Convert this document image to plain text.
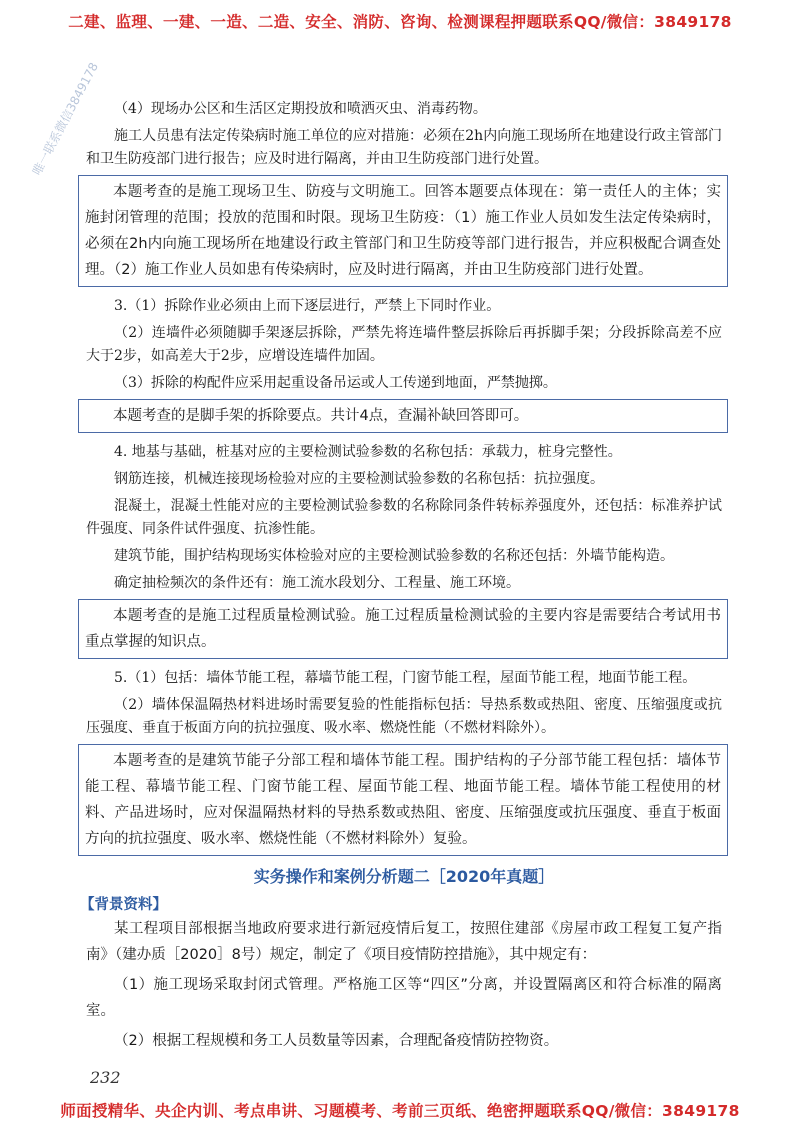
二建、监理、一建、一造、二造、安全、消防、咨询、检测课程押题联系QQ/微信：3849178
唯一联系微信3849178 （4）现场办公区和生活区定期投放和喷洒灭虫、消毒药物。

施工人员患有法定传染病时施工单位的应对措施：必须在2h内向施工现场所在地建设行政主管部门和卫生防疫部门进行报告；应及时进行隔离，并由卫生防疫部门进行处置。

本题考查的是施工现场卫生、防疫与文明施工。回答本题要点体现在：第一责任人的主体；实施封闭管理的范围；投放的范围和时限。现场卫生防疫：（1）施工作业人员如发生法定传染病时，必须在2h内向施工现场所在地建设行政主管部门和卫生防疫等部门进行报告，并应积极配合调查处理。（2）施工作业人员如患有传染病时，应及时进行隔离，并由卫生防疫部门进行处置。

3.（1）拆除作业必须由上而下逐层进行，严禁上下同时作业。

（2）连墙件必须随脚手架逐层拆除，严禁先将连墙件整层拆除后再拆脚手架；分段拆除高差不应大于2步，如高差大于2步，应增设连墙件加固。

（3）拆除的构配件应采用起重设备吊运或人工传递到地面，严禁抛掷。

本题考查的是脚手架的拆除要点。共计4点，查漏补缺回答即可。

4. 地基与基础，桩基对应的主要检测试验参数的名称包括：承载力，桩身完整性。

钢筋连接，机械连接现场检验对应的主要检测试验参数的名称包括：抗拉强度。

混凝土，混凝土性能对应的主要检测试验参数的名称除同条件转标养强度外，还包括：标准养护试件强度、同条件试件强度、抗渗性能。

建筑节能，围护结构现场实体检验对应的主要检测试验参数的名称还包括：外墙节能构造。

确定抽检频次的条件还有：施工流水段划分、工程量、施工环境。

本题考查的是施工过程质量检测试验。施工过程质量检测试验的主要内容是需要结合考试用书重点掌握的知识点。

5.（1）包括：墙体节能工程，幕墙节能工程，门窗节能工程，屋面节能工程，地面节能工程。

（2）墙体保温隔热材料进场时需要复验的性能指标包括：导热系数或热阻、密度、压缩强度或抗压强度、垂直于板面方向的抗拉强度、吸水率、燃烧性能（不燃材料除外）。

本题考查的是建筑节能子分部工程和墙体节能工程。围护结构的子分部节能工程包括：墙体节能工程、幕墙节能工程、门窗节能工程、屋面节能工程、地面节能工程。墙体节能工程使用的材料、产品进场时，应对保温隔热材料的导热系数或热阻、密度、压缩强度或抗压强度、垂直于板面方向的抗拉强度、吸水率、燃烧性能（不燃材料除外）复验。

实务操作和案例分析题二［2020年真题］
【背景资料】

某工程项目部根据当地政府要求进行新冠疫情后复工，按照住建部《房屋市政工程复工复产指南》（建办质［2020］8号）规定，制定了《项目疫情防控措施》，其中规定有：

（1）施工现场采取封闭式管理。严格施工区等“四区”分离，并设置隔离区和符合标准的隔离室。

（2）根据工程规模和务工人员数量等因素，合理配备疫情防控物资。

232
师面授精华、央企内训、考点串讲、习题模考、考前三页纸、绝密押题联系QQ/微信：3849178
